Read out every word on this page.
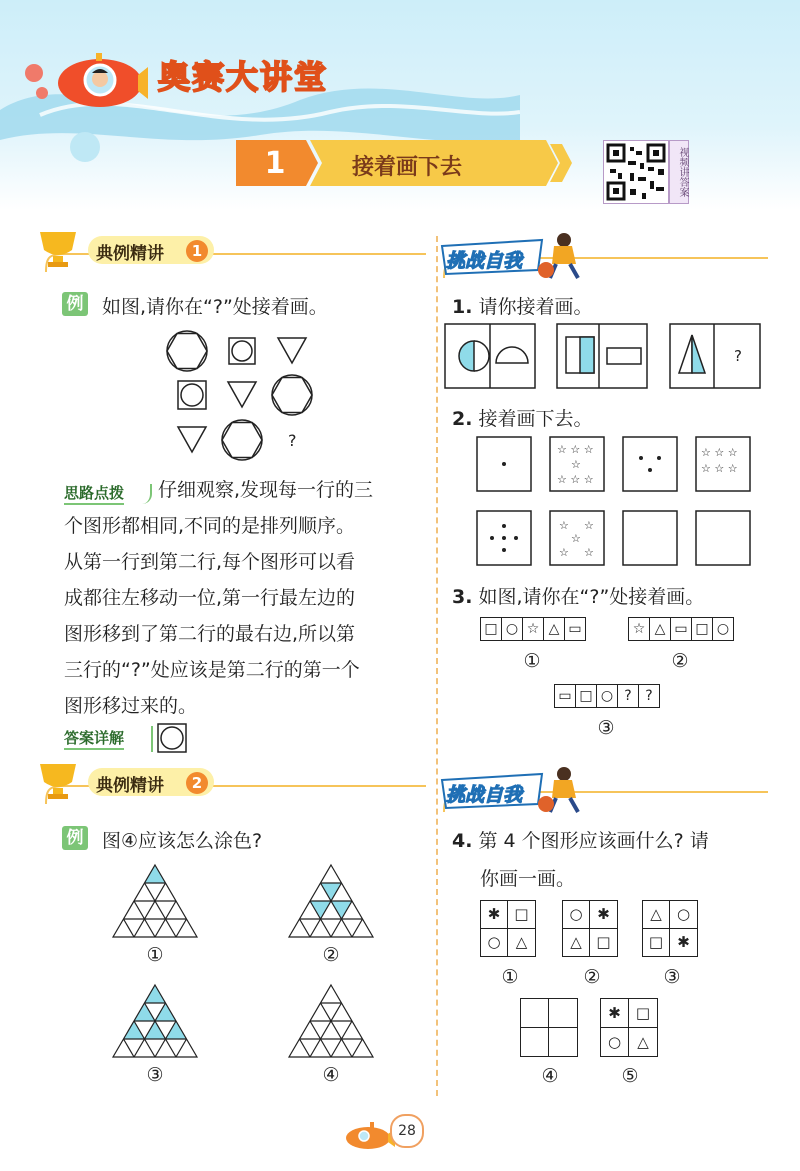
奥赛大讲堂
1	接着画下去	视频讲答案
典例精讲	1
例 如图,请你在“?”处接着画。
?
思路点拨 仔细观察,发现每一行的三
个图形都相同,不同的是排列顺序。
从第一行到第二行,每个图形可以看
成都往左移动一位,第一行最左边的
图形移到了第二行的最右边,所以第
三行的“?”处应该是第二行的第一个
图形移过来的。
答案详解
典例精讲	2
例 图④应该怎么涂色?
①	②
③	④
挑战自我
1. 请你接着画。
?
2. 接着画下去。
☆ ☆ ☆
☆
☆ ☆ ☆
☆ ☆ ☆
☆ ☆ ☆
☆ ☆
☆
☆ ☆
3. 如图,请你在“?”处接着画。
□ ○ ☆ △ ▭
①
☆ △ ▭ □ ○
②
▭ □ ○ ? ?
③
挑战自我
4. 第 4 个图形应该画什么? 请
你画一画。
✱ □
○	△
①
○ ✱
△ □
②
△	○
□ ✱
③
④
✱	□
○	△
⑤
28
